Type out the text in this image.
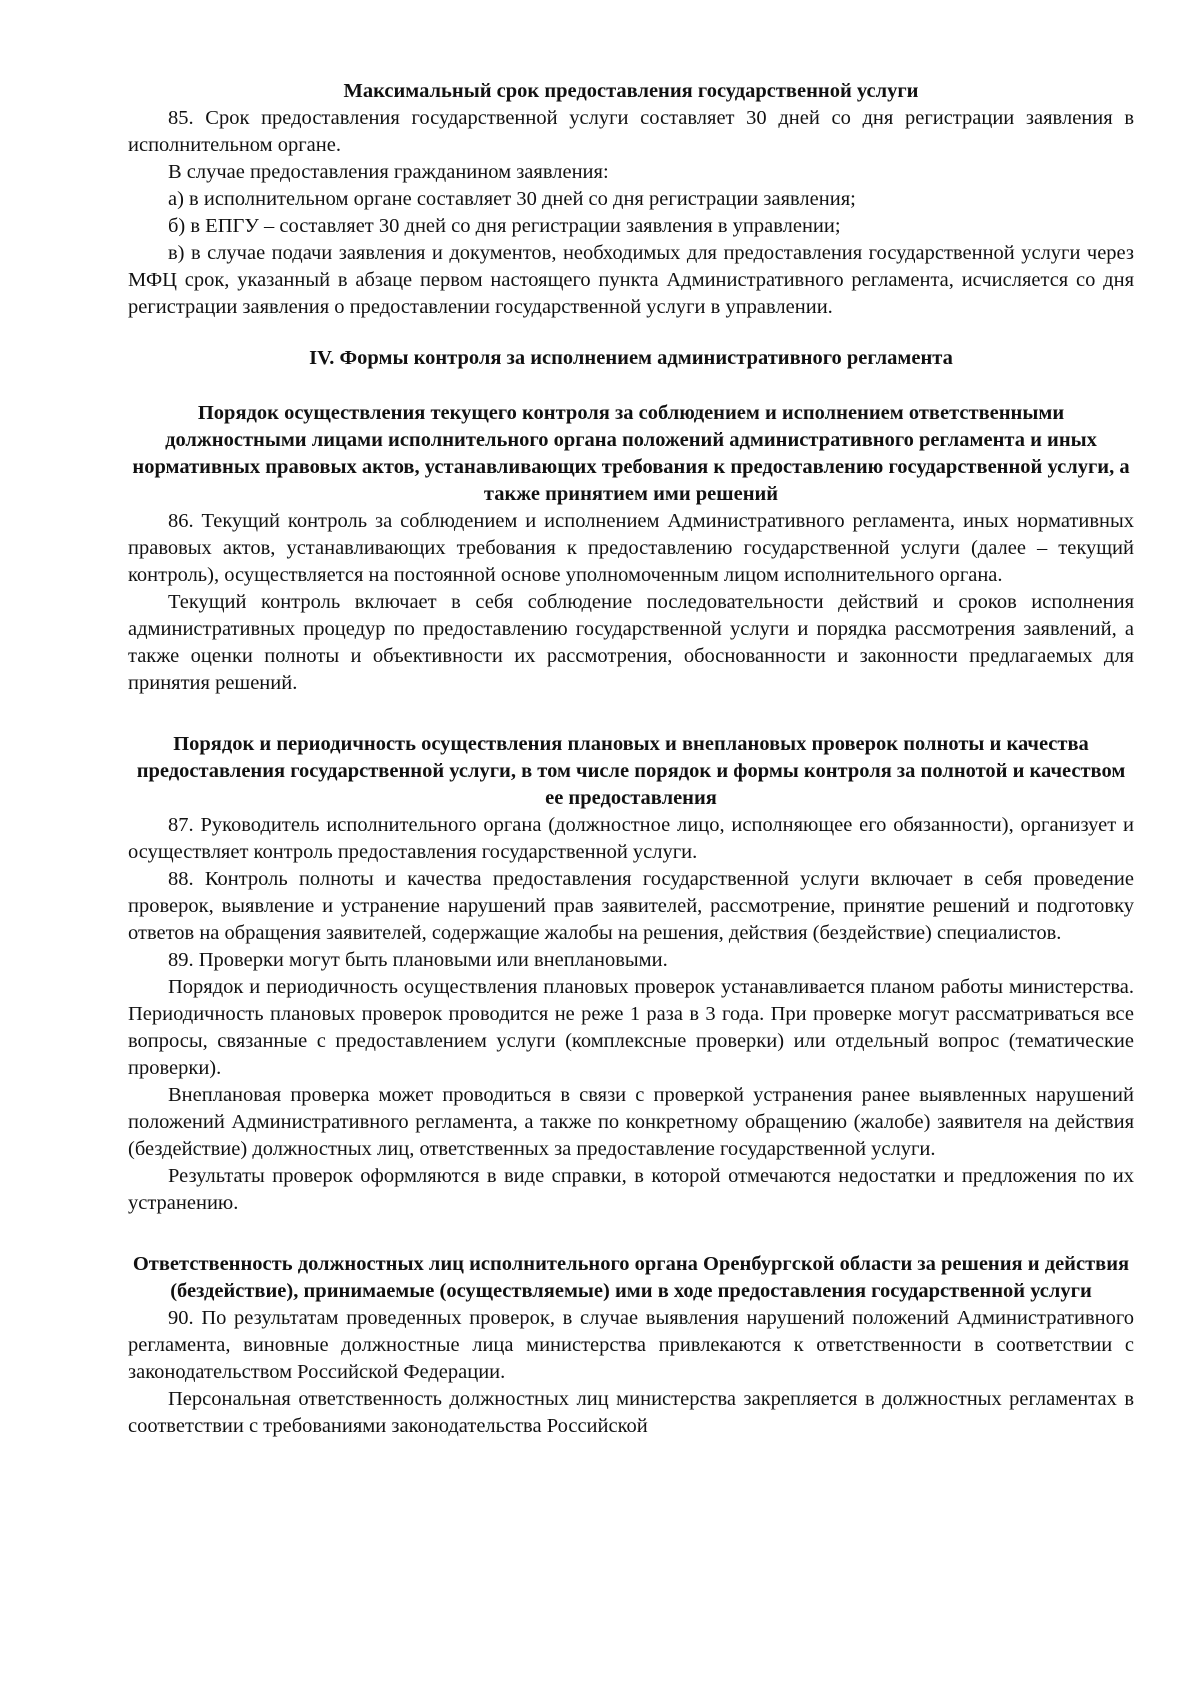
Максимальный срок предоставления государственной услуги
85. Срок предоставления государственной услуги составляет 30 дней со дня регистрации заявления в исполнительном органе.
В случае предоставления гражданином заявления:
а) в исполнительном органе составляет 30 дней со дня регистрации заявления;
б) в ЕПГУ – составляет 30 дней со дня регистрации заявления в управлении;
в) в случае подачи заявления и документов, необходимых для предоставления государственной услуги через МФЦ срок, указанный в абзаце первом настоящего пункта Административного регламента, исчисляется со дня регистрации заявления о предоставлении государственной услуги в управлении.
IV. Формы контроля за исполнением административного регламента
Порядок осуществления текущего контроля за соблюдением и исполнением ответственными должностными лицами исполнительного органа положений административного регламента и иных нормативных правовых актов, устанавливающих требования к предоставлению государственной услуги, а также принятием ими решений
86. Текущий контроль за соблюдением и исполнением Административного регламента, иных нормативных правовых актов, устанавливающих требования к предоставлению государственной услуги (далее – текущий контроль), осуществляется на постоянной основе уполномоченным лицом исполнительного органа.
Текущий контроль включает в себя соблюдение последовательности действий и сроков исполнения административных процедур по предоставлению государственной услуги и порядка рассмотрения заявлений, а также оценки полноты и объективности их рассмотрения, обоснованности и законности предлагаемых для принятия решений.
Порядок и периодичность осуществления плановых и внеплановых проверок полноты и качества предоставления государственной услуги, в том числе порядок и формы контроля за полнотой и качеством ее предоставления
87. Руководитель исполнительного органа (должностное лицо, исполняющее его обязанности), организует и осуществляет контроль предоставления государственной услуги.
88. Контроль полноты и качества предоставления государственной услуги включает в себя проведение проверок, выявление и устранение нарушений прав заявителей, рассмотрение, принятие решений и подготовку ответов на обращения заявителей, содержащие жалобы на решения, действия (бездействие) специалистов.
89. Проверки могут быть плановыми или внеплановыми.
Порядок и периодичность осуществления плановых проверок устанавливается планом работы министерства. Периодичность плановых проверок проводится не реже 1 раза в 3 года. При проверке могут рассматриваться все вопросы, связанные с предоставлением услуги (комплексные проверки) или отдельный вопрос (тематические проверки).
Внеплановая проверка может проводиться в связи с проверкой устранения ранее выявленных нарушений положений Административного регламента, а также по конкретному обращению (жалобе) заявителя на действия (бездействие) должностных лиц, ответственных за предоставление государственной услуги.
Результаты проверок оформляются в виде справки, в которой отмечаются недостатки и предложения по их устранению.
Ответственность должностных лиц исполнительного органа Оренбургской области за решения и действия (бездействие), принимаемые (осуществляемые) ими в ходе предоставления государственной услуги
90. По результатам проведенных проверок, в случае выявления нарушений положений Административного регламента, виновные должностные лица министерства привлекаются к ответственности в соответствии с законодательством Российской Федерации.
Персональная ответственность должностных лиц министерства закрепляется в должностных регламентах в соответствии с требованиями законодательства Российской
